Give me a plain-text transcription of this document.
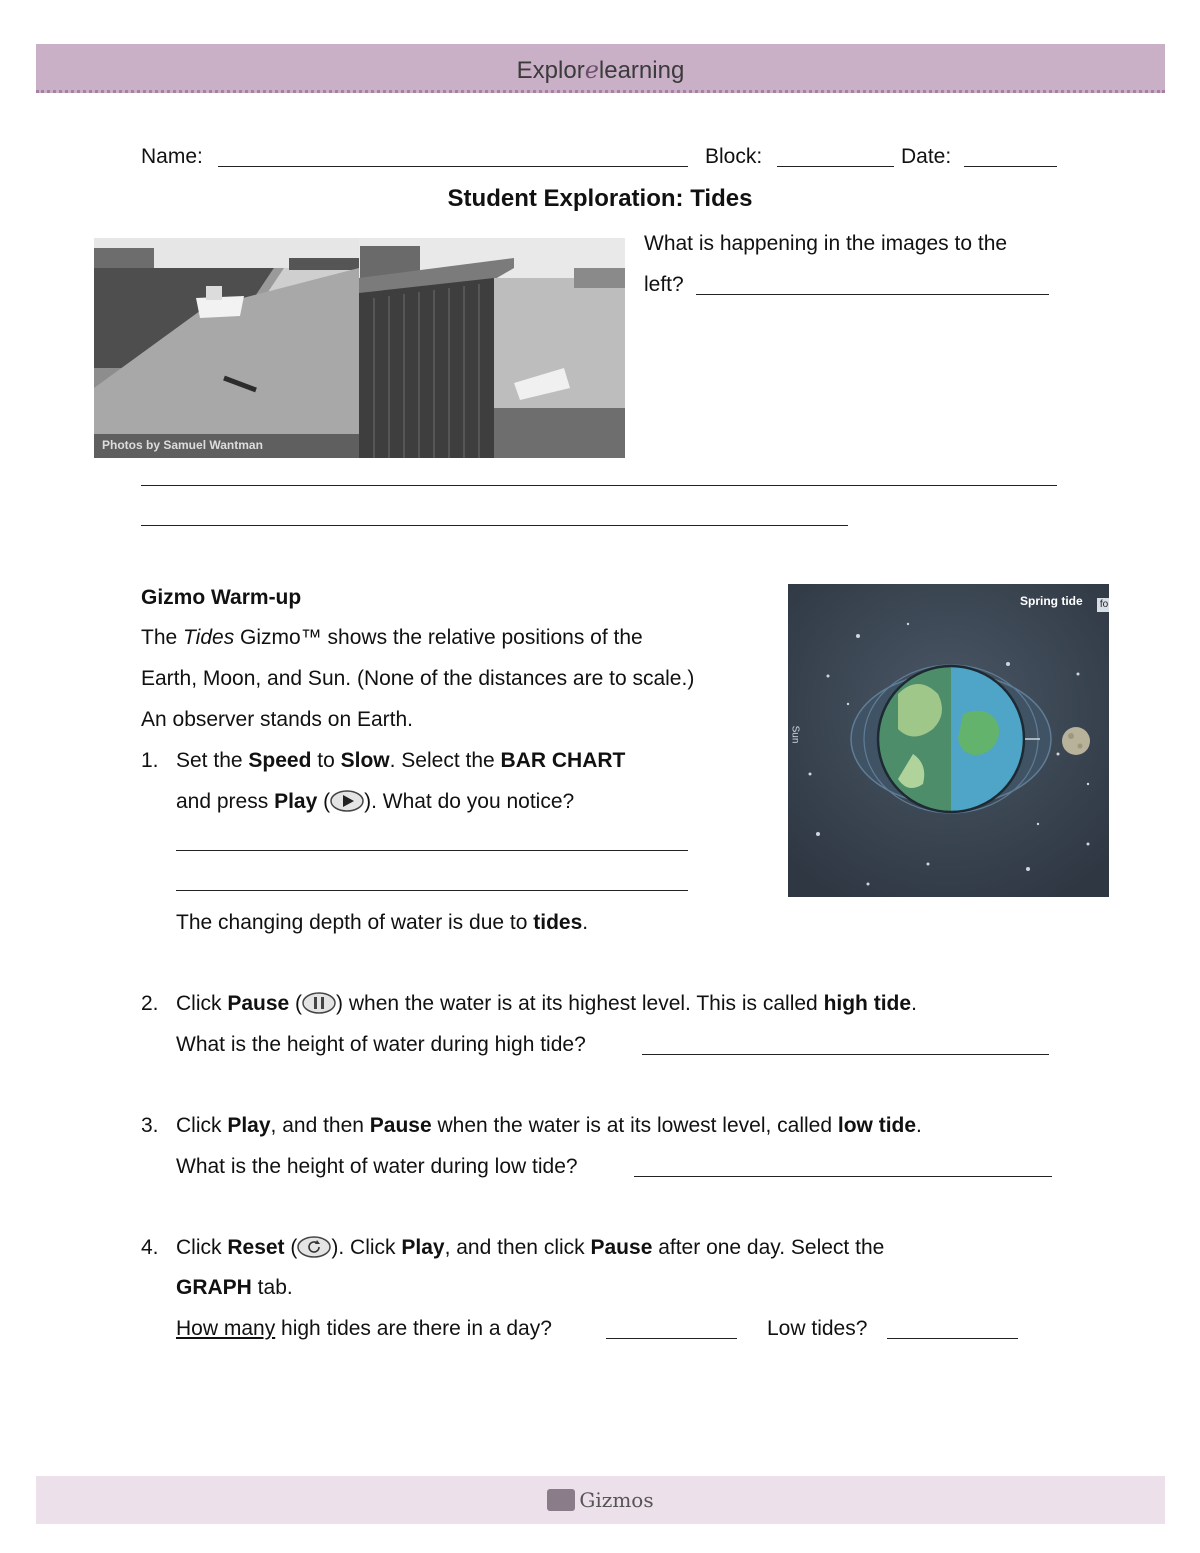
Explorelearning
Name:	Block:	Date:
Student Exploration: Tides
Photos by Samuel Wantman
What is happening in the images to the
left?
Gizmo Warm-up
The Tides Gizmo™ shows the relative positions of the
Earth, Moon, and Sun. (None of the distances are to scale.)
An observer stands on Earth.
Spring tide fo
Sun
1. Set the Speed to Slow. Select the BAR CHART
and press Play ( ). What do you notice?
The changing depth of water is due to tides.
2. Click Pause ( ) when the water is at its highest level. This is called high tide.
What is the height of water during high tide?
3. Click Play, and then Pause when the water is at its lowest level, called low tide.
What is the height of water during low tide?
4. Click Reset ( ). Click Play, and then click Pause after one day. Select the
GRAPH tab.
How many high tides are there in a day?	Low tides?
Gizmos
